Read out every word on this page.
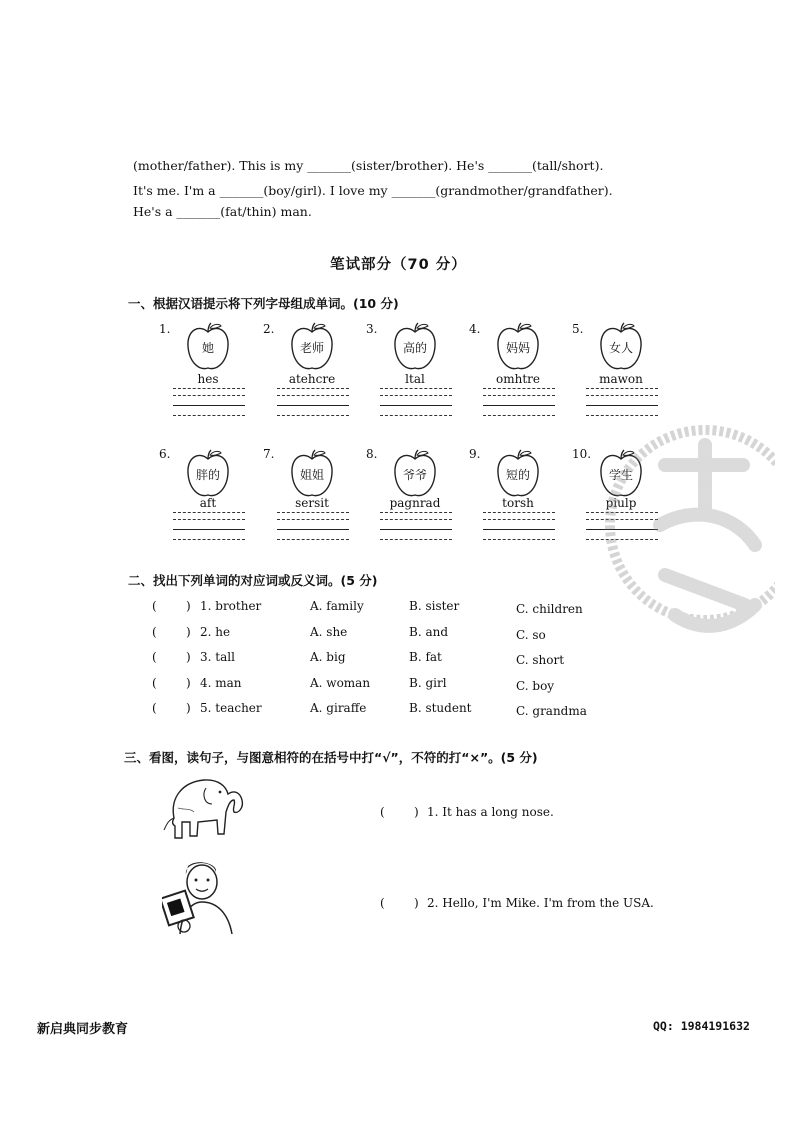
(mother/father). This is my _______(sister/brother). He's _______(tall/short).
It's me. I'm a _______(boy/girl). I love my _______(grandmother/grandfather).
He's a _______(fat/thin) man.
笔试部分（70 分）
一、根据汉语提示将下列字母组成单词。(10 分)
1.
她
hes
2.
老师
atehcre
3.
高的
ltal
4.
妈妈
omhtre
5.
女人
mawon
6.
胖的
aft
7.
姐姐
sersit
8.
爷爷
pagnrad
9.
短的
torsh
10.
学生
piulp
二、找出下列单词的对应词或反义词。(5 分)
( ) 1. brother	A. family	B. sister	C. children
( ) 2. he	A. she	B. and	C. so
( ) 3. tall	A. big	B. fat	C. short
( ) 4. man	A. woman	B. girl	C. boy
( ) 5. teacher	A. giraffe	B. student	C. grandma
三、看图，读句子，与图意相符的在括号中打“√”，不符的打“×”。(5 分)
( ) 1. It has a long nose.
( ) 2. Hello, I'm Mike. I'm from the USA.
新启典同步教育	QQ: 1984191632
